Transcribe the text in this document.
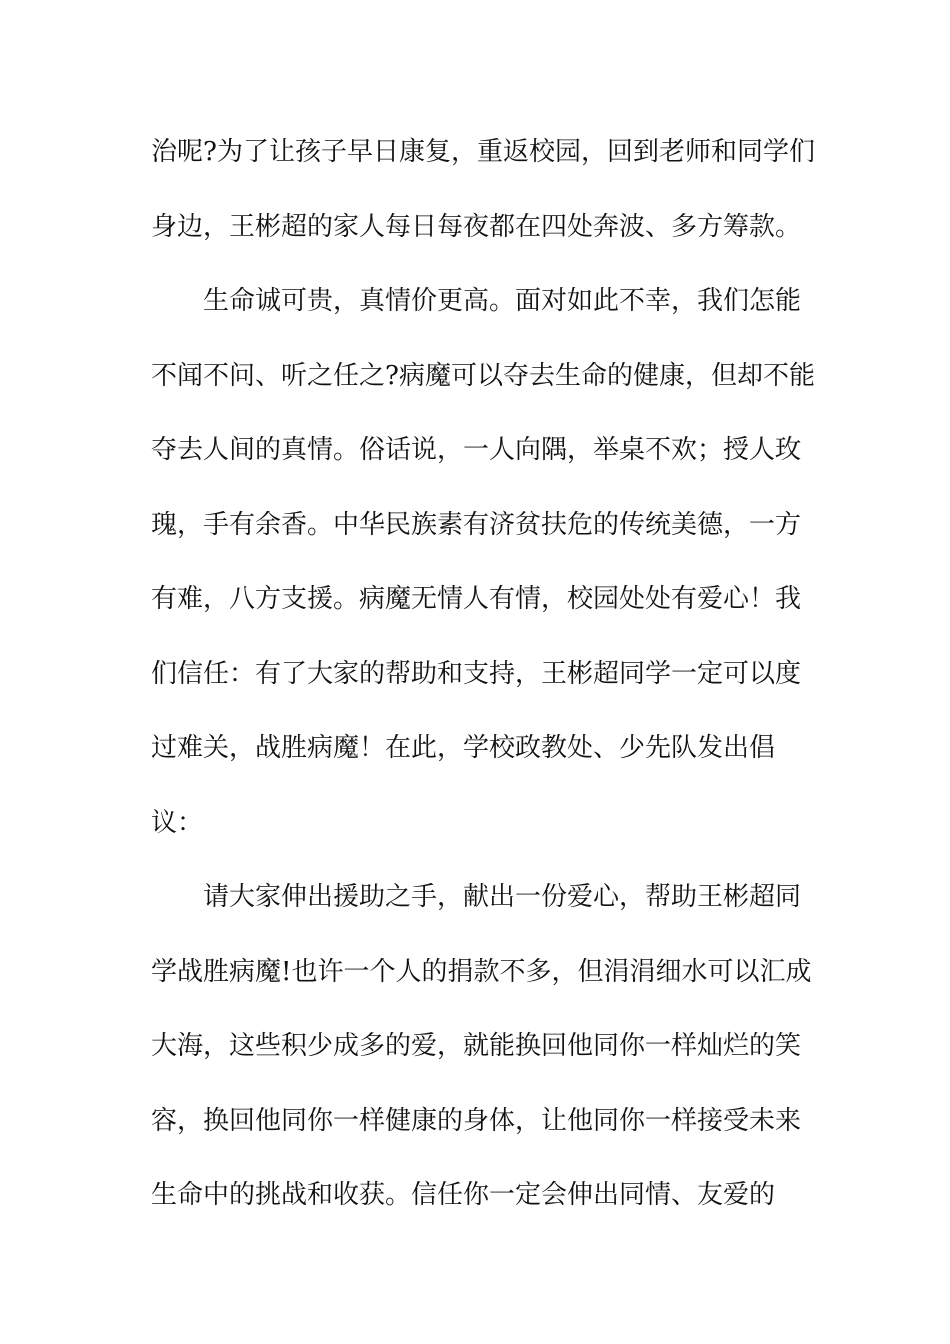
治呢?为了让孩子早日康复，重返校园，回到老师和同学们
身边，王彬超的家人每日每夜都在四处奔波、多方筹款。
生命诚可贵，真情价更高。面对如此不幸，我们怎能
不闻不问、听之任之?病魔可以夺去生命的健康，但却不能
夺去人间的真情。俗话说，一人向隅，举桌不欢；授人玫
瑰，手有余香。中华民族素有济贫扶危的传统美德，一方
有难，八方支援。病魔无情人有情，校园处处有爱心！我
们信任：有了大家的帮助和支持，王彬超同学一定可以度
过难关，战胜病魔！在此，学校政教处、少先队发出倡
议：
请大家伸出援助之手，献出一份爱心，帮助王彬超同
学战胜病魔!也许一个人的捐款不多，但涓涓细水可以汇成
大海，这些积少成多的爱，就能换回他同你一样灿烂的笑
容，换回他同你一样健康的身体，让他同你一样接受未来
生命中的挑战和收获。信任你一定会伸出同情、友爱的
